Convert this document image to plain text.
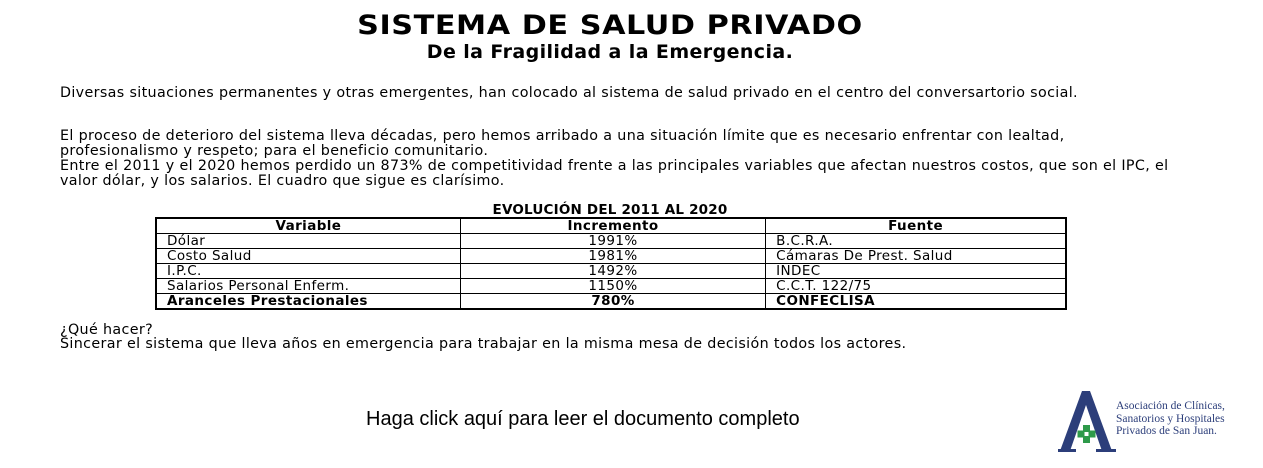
SISTEMA DE SALUD PRIVADO
De la Fragilidad a la Emergencia.
Diversas situaciones permanentes y otras emergentes, han colocado al sistema de salud privado en el centro del conversartorio social.
El proceso de deterioro del sistema lleva décadas, pero hemos arribado a una situación límite que es necesario enfrentar con lealtad, profesionalismo y respeto; para el beneficio comunitario.
Entre el 2011 y el 2020 hemos perdido un 873% de competitividad frente a las principales variables que afectan nuestros costos, que son el IPC, el valor dólar, y los salarios. El cuadro que sigue es clarísimo.
EVOLUCIÓN DEL 2011 AL 2020
Variable	Incremento	Fuente
Dólar	1991%	B.C.R.A.
Costo Salud	1981%	Cámaras De Prest. Salud
I.P.C.	1492%	INDEC
Salarios Personal Enferm.	1150%	C.C.T. 122/75
Aranceles Prestacionales	780%	CONFECLISA
¿Qué hacer?
Sincerar el sistema que lleva años en emergencia para trabajar en la misma mesa de decisión todos los actores.
Haga click aquí para leer el documento completo
Asociación de Clínicas,
Sanatorios y Hospitales
Privados de San Juan.
